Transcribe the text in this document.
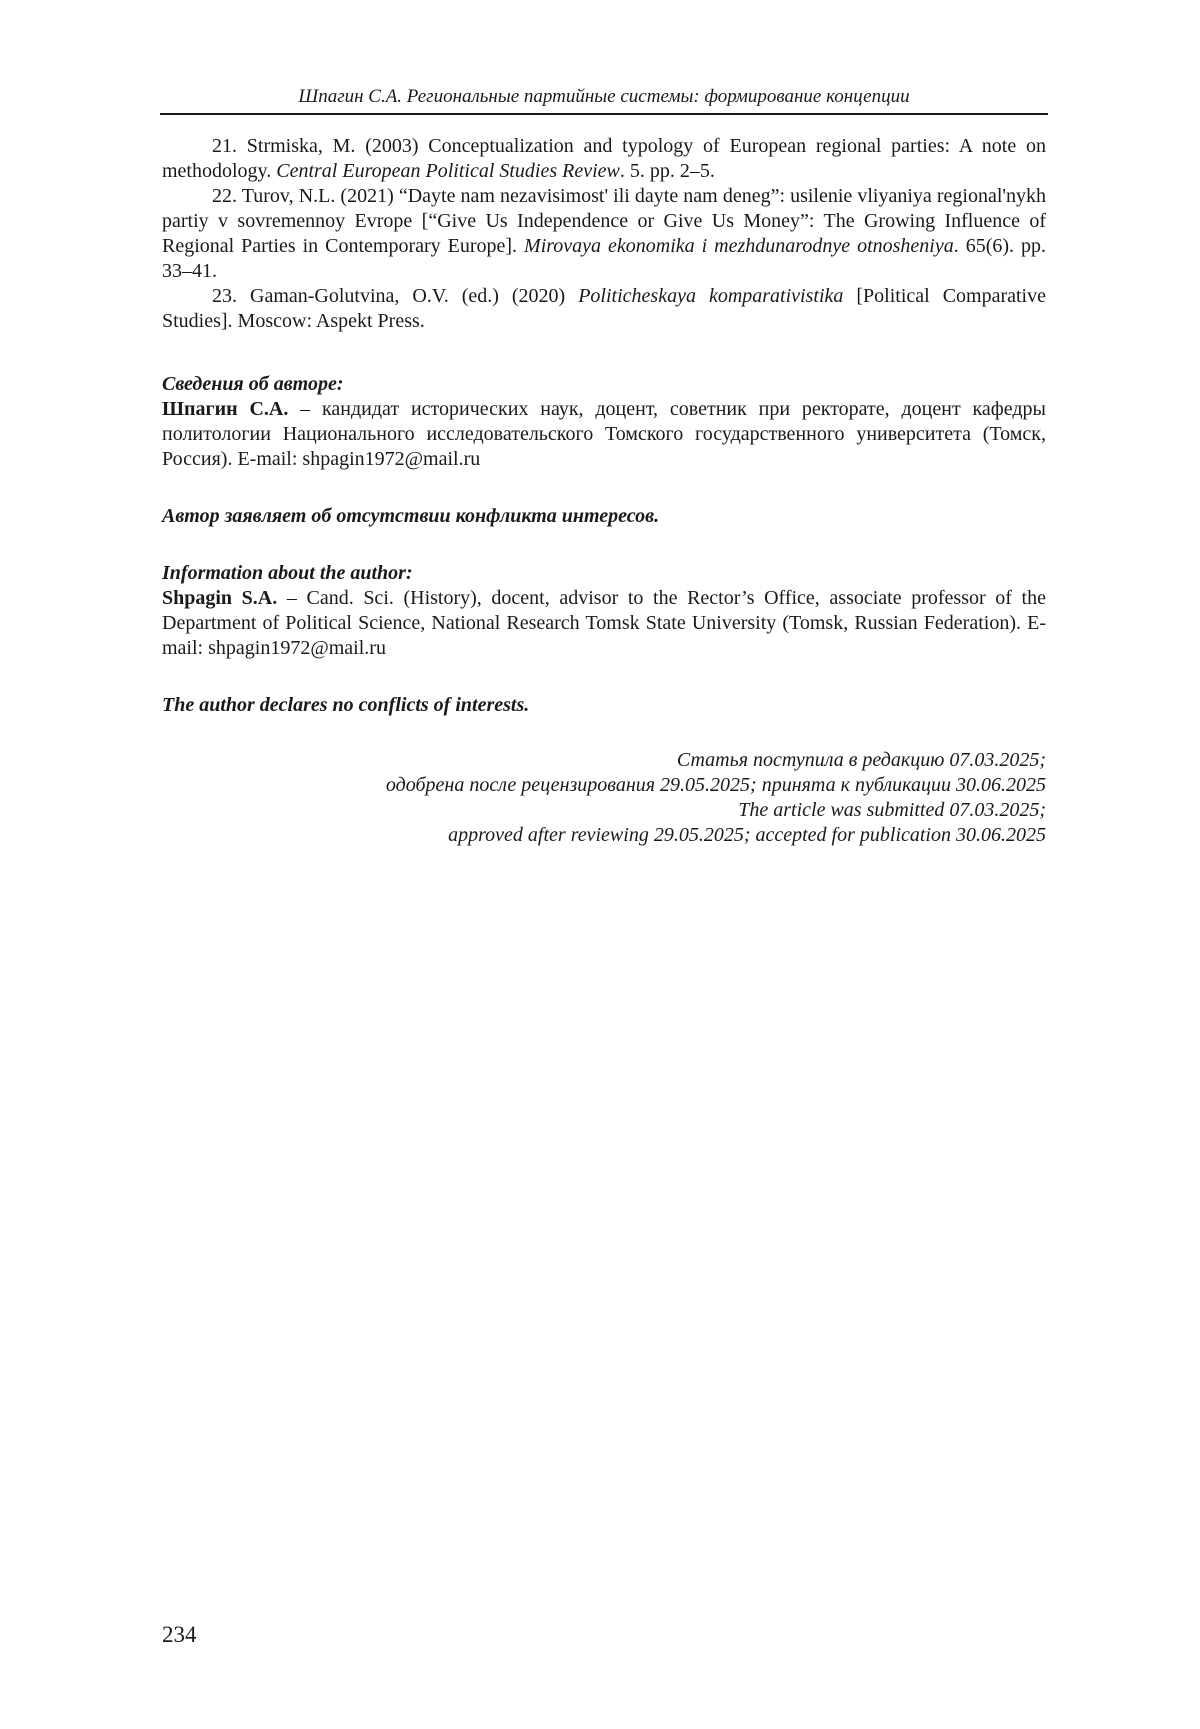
Шпагин С.А. Региональные партийные системы: формирование концепции

21. Strmiska, M. (2003) Conceptualization and typology of European regional parties: A note on methodology. Central European Political Studies Review. 5. pp. 2–5.

22. Turov, N.L. (2021) “Dayte nam nezavisimost' ili dayte nam deneg”: usilenie vliyaniya regional'nykh partiy v sovremennoy Evrope [“Give Us Independence or Give Us Money”: The Growing Influence of Regional Parties in Contemporary Europe]. Mirovaya ekonomika i mezhdunarodnye otnosheniya. 65(6). pp. 33–41.

23. Gaman-Golutvina, O.V. (ed.) (2020) Politicheskaya komparativistika [Political Comparative Studies]. Moscow: Aspekt Press.

Сведения об авторе:

Шпагин С.А. – кандидат исторических наук, доцент, советник при ректорате, доцент кафедры политологии Национального исследовательского Томского государственного университета (Томск, Россия). E-mail: shpagin1972@mail.ru

Автор заявляет об отсутствии конфликта интересов.

Information about the author:

Shpagin S.A. – Cand. Sci. (History), docent, advisor to the Rector’s Office, associate professor of the Department of Political Science, National Research Tomsk State University (Tomsk, Russian Federation). E-mail: shpagin1972@mail.ru

The author declares no conflicts of interests.

Статья поступила в редакцию 07.03.2025;
одобрена после рецензирования 29.05.2025; принята к публикации 30.06.2025
The article was submitted 07.03.2025;
approved after reviewing 29.05.2025; accepted for publication 30.06.2025
234
